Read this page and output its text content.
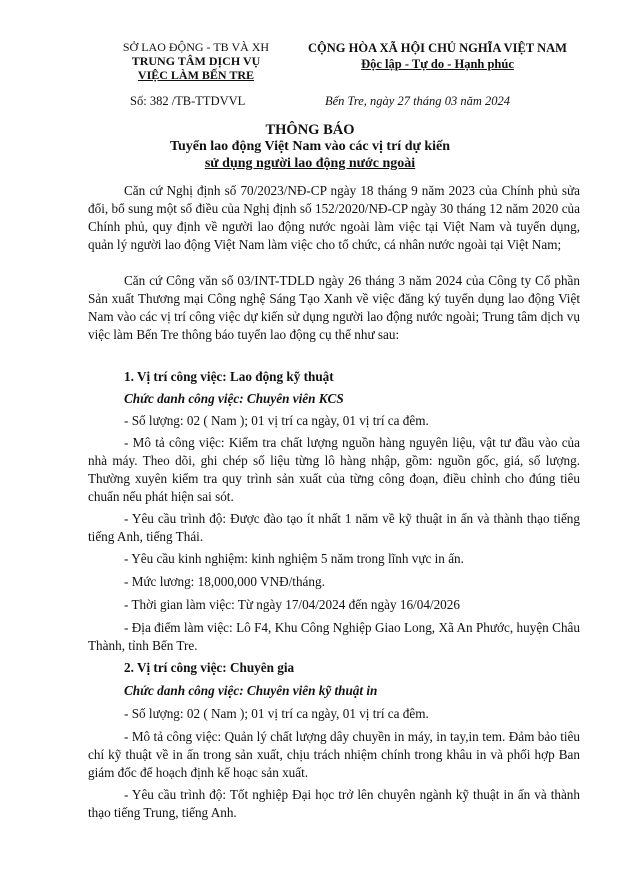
SỞ LAO ĐỘNG - TB VÀ XH
TRUNG TÂM DỊCH VỤ
VIỆC LÀM BẾN TRE
Số: 382 /TB-TTDVVL
CỘNG HÒA XÃ HỘI CHỦ NGHĨA VIỆT NAM
Độc lập - Tự do - Hạnh phúc
Bến Tre, ngày 27 tháng 03 năm 2024
THÔNG BÁO
Tuyển lao động Việt Nam vào các vị trí dự kiến
sử dụng người lao động nước ngoài
Căn cứ Nghị định số 70/2023/NĐ-CP ngày 18 tháng 9 năm 2023 của Chính phủ sửa đổi, bổ sung một số điều của Nghị định số 152/2020/NĐ-CP ngày 30 tháng 12 năm 2020 của Chính phủ, quy định về người lao động nước ngoài làm việc tại Việt Nam và tuyển dụng, quản lý người lao động Việt Nam làm việc cho tổ chức, cá nhân nước ngoài tại Việt Nam;
Căn cứ Công văn số 03/INT-TDLD ngày 26 tháng 3 năm 2024 của Công ty Cổ phần Sản xuất Thương mại Công nghệ Sáng Tạo Xanh về việc đăng ký tuyển dụng lao động Việt Nam vào các vị trí công việc dự kiến sử dụng người lao động nước ngoài; Trung tâm dịch vụ việc làm Bến Tre thông báo tuyển lao động cụ thể như sau:
1. Vị trí công việc: Lao động kỹ thuật
Chức danh công việc: Chuyên viên KCS
- Số lượng: 02 ( Nam ); 01 vị trí ca ngày, 01 vị trí ca đêm.
- Mô tả công việc: Kiểm tra chất lượng nguồn hàng nguyên liệu, vật tư đầu vào của nhà máy. Theo dõi, ghi chép số liệu từng lô hàng nhập, gồm: nguồn gốc, giá, số lượng. Thường xuyên kiểm tra quy trình sản xuất của từng công đoạn, điều chỉnh cho đúng tiêu chuẩn nếu phát hiện sai sót.
- Yêu cầu trình độ: Được đào tạo ít nhất 1 năm về kỹ thuật in ấn và thành thạo tiếng tiếng Anh, tiếng Thái.
- Yêu cầu kinh nghiệm: kinh nghiệm 5 năm trong lĩnh vực in ấn.
- Mức lương: 18,000,000 VNĐ/tháng.
- Thời gian làm việc: Từ ngày 17/04/2024 đến ngày 16/04/2026
- Địa điểm làm việc: Lô F4, Khu Công Nghiệp Giao Long, Xã An Phước, huyện Châu Thành, tỉnh Bến Tre.
2. Vị trí công việc: Chuyên gia
Chức danh công việc: Chuyên viên kỹ thuật in
- Số lượng: 02 ( Nam ); 01 vị trí ca ngày, 01 vị trí ca đêm.
- Mô tả công việc: Quản lý chất lượng dây chuyền in máy, in tay,in tem. Đảm bảo tiêu chí kỹ thuật về in ấn trong sản xuất, chịu trách nhiệm chính trong khâu in và phối hợp Ban giám đốc để hoạch định kế hoạc sản xuất.
- Yêu cầu trình độ: Tốt nghiệp Đại học trở lên chuyên ngành kỹ thuật in ấn và thành thạo tiếng Trung, tiếng Anh.
